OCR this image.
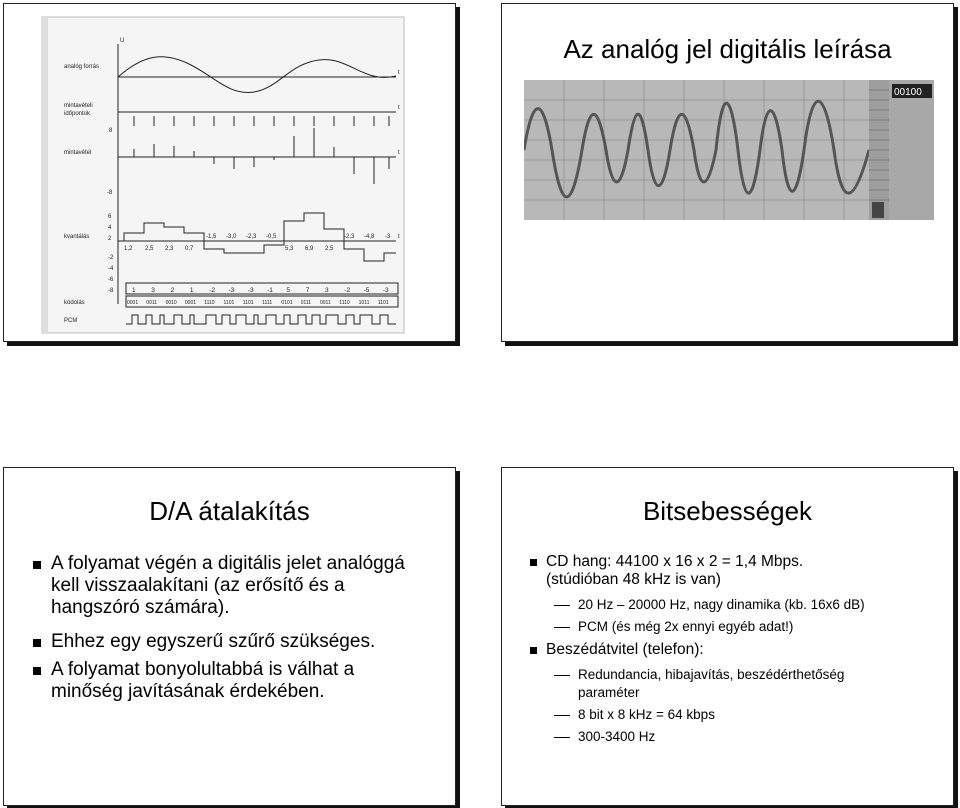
U
t
t
t
t
analóg forrás
mintavételi
időpontok
mintavétel
kvantálás
kódolás
PCM
8
-8
6
4
2
-2
-4
-6
-8
1,2 2,5 2,3 0,7	5,3 6,9 2,5
-1,5 -3,0 -2,3 -0,5	-2,3 -4,8 -3
1 3 2 1 -2 -3 -3 -1 5 7 3 -2 -5 -3
0001 0011 0010 0001 1110 1101 1101 1111 0101 0111 0011 1110 1011 1101
Az analóg jel digitális leírása
00100
D/A átalakítás
A folyamat végén a digitális jelet analóggá
kell visszaalakítani (az erősítő és a
hangszóró számára).
Ehhez egy egyszerű szűrő szükséges.
A folyamat bonyolultabbá is válhat a
minőség javításának érdekében.
Bitsebességek
CD hang: 44100 x 16 x 2 = 1,4 Mbps.
(stúdióban 48 kHz is van)
20 Hz – 20000 Hz, nagy dinamika (kb. 16x6 dB)
PCM (és még 2x ennyi egyéb adat!)
Beszédátvitel (telefon):
Redundancia, hibajavítás, beszédérthetőség
paraméter
8 bit x 8 kHz = 64 kbps
300-3400 Hz
